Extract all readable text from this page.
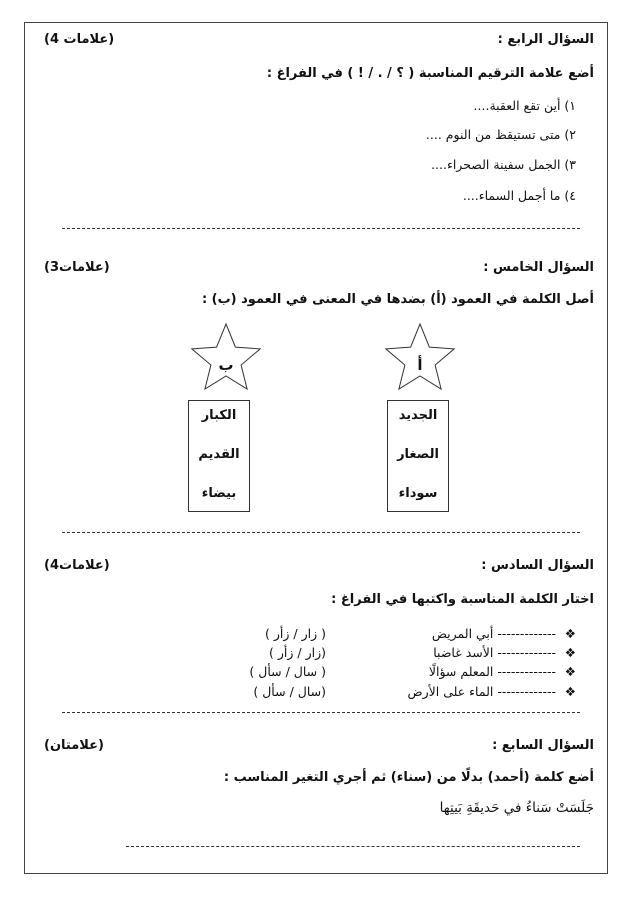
السؤال الرابع :
(4 علامات)
أضع علامة الترقيم المناسبة ( ؟ / . / ! ) في الفراغ :
١) أين تقع العقبة....
٢) متى تستيقظ من النوم ....
٣) الجمل سفينة الصحراء....
٤) ما أجمل السماء....
السؤال الخامس :
(3علامات)
أصل الكلمة في العمود (أ) بضدها في المعنى في العمود (ب) :
ب	أ
الكبار
القديم
بيضاء
الجديد
الصغار
سوداء
السؤال السادس :
(4علامات)
اختار الكلمة المناسبة واكتبها في الفراغ :
❖
------------- أبي المريض
( زار / زأر )
❖
------------- الأسد غاضبا
(زار / زأر )
❖
------------- المعلم سؤالًا
( سال / سأل )
❖
------------- الماء على الأرض
(سال / سأل )
السؤال السابع :
(علامتان)
أضع كلمة (أحمد) بدلًا من (سناء) ثم أجري التغير المناسب :
جَلَسَتْ سَناءُ في حَديقَةِ بَيتِها
